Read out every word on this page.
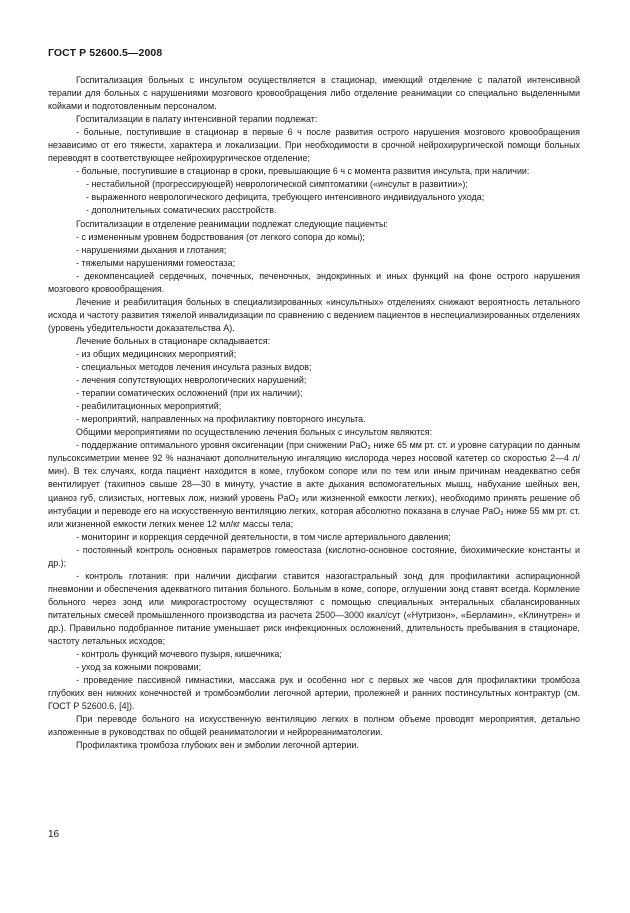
ГОСТ Р 52600.5—2008

Госпитализация больных с инсультом осуществляется в стационар, имеющий отделение с палатой интенсивной терапии для больных с нарушениями мозгового кровообращения либо отделение реанимации со специально выделенными койками и подготовленным персоналом.

Госпитализации в палату интенсивной терапии подлежат:

- больные, поступившие в стационар в первые 6 ч после развития острого нарушения мозгового кровообращения независимо от его тяжести, характера и локализации. При необходимости в срочной нейрохирургической помощи больных переводят в соответствующее нейрохирургическое отделение;

- больные, поступившие в стационар в сроки, превышающие 6 ч с момента развития инсульта, при наличии:

- нестабильной (прогрессирующей) неврологической симптоматики («инсульт в развитии»);

- выраженного неврологического дефицита, требующего интенсивного индивидуального ухода;

- дополнительных соматических расстройств.

Госпитализации в отделение реанимации подлежат следующие пациенты:

- с измененным уровнем бодрствования (от легкого сопора до комы);

- нарушениями дыхания и глотания;

- тяжелыми нарушениями гомеостаза;

- декомпенсацией сердечных, почечных, печеночных, эндокринных и иных функций на фоне острого нарушения мозгового кровообращения.

Лечение и реабилитация больных в специализированных «инсультных» отделениях снижают вероятность летального исхода и частоту развития тяжелой инвалидизации по сравнению с ведением пациентов в неспециализированных отделениях (уровень убедительности доказательства А).

Лечение больных в стационаре складывается:

- из общих медицинских мероприятий;

- специальных методов лечения инсульта разных видов;

- лечения сопутствующих неврологических нарушений;

- терапии соматических осложнений (при их наличии);

- реабилитационных мероприятий;

- мероприятий, направленных на профилактику повторного инсульта.

Общими мероприятиями по осуществлению лечения больных с инсультом являются:

- поддержание оптимального уровня оксигенации (при снижении PaO₂ ниже 65 мм рт. ст. и уровне сатурации по данным пульсоксиметрии менее 92 % назначают дополнительную ингаляцию кислорода через носовой катетер со скоростью 2—4 л/мин). В тех случаях, когда пациент находится в коме, глубоком сопоре или по тем или иным причинам неадекватно себя вентилирует (тахипноэ свыше 28—30 в минуту, участие в акте дыхания вспомогательных мышц, набухание шейных вен, цианоз губ, слизистых, ногтевых лож, низкий уровень PaO₂ или жизненной емкости легких), необходимо принять решение об интубации и переводе его на искусственную вентиляцию легких, которая абсолютно показана в случае PaO₂ ниже 55 мм рт. ст. или жизненной емкости легких менее 12 мл/кг массы тела;

- мониторинг и коррекция сердечной деятельности, в том числе артериального давления;

- постоянный контроль основных параметров гомеостаза (кислотно-основное состояние, биохимические константы и др.);

- контроль глотания: при наличии дисфагии ставится назогастральный зонд для профилактики аспирационной пневмонии и обеспечения адекватного питания больного. Больным в коме, сопоре, оглушении зонд ставят всегда. Кормление больного через зонд или микрогастростому осуществляют с помощью специальных энтеральных сбалансированных питательных смесей промышленного производства из расчета 2500—3000 ккал/сут («Нутризон», «Берламин», «Клинутрен» и др.). Правильно подобранное питание уменьшает риск инфекционных осложнений, длительность пребывания в стационаре, частоту летальных исходов;

- контроль функций мочевого пузыря, кишечника;

- уход за кожными покровами;

- проведение пассивной гимнастики, массажа рук и особенно ног с первых же часов для профилактики тромбоза глубоких вен нижних конечностей и тромбоэмболии легочной артерии, пролежней и ранних постинсультных контрактур (см. ГОСТ Р 52600.6, [4]).

При переводе больного на искусственную вентиляцию легких в полном объеме проводят мероприятия, детально изложенные в руководствах по общей реаниматологии и нейрореаниматологии.

Профилактика тромбоза глубоких вен и эмболии легочной артерии.

16
